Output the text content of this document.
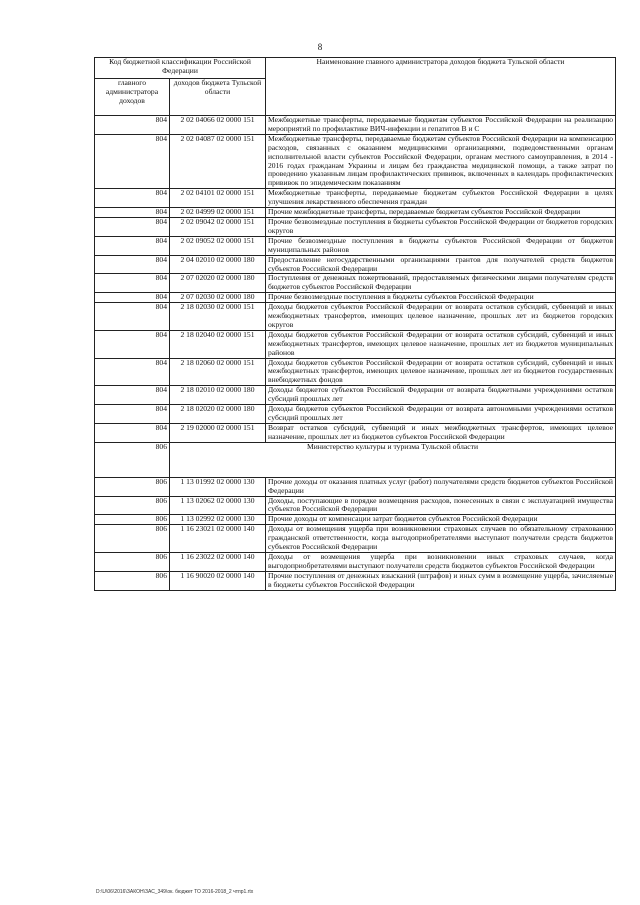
8
Код бюджетной классификации Российской Федерации		Наименование главного администратора доходов бюджета Тульской области
главного администратора доходов	доходов бюджета Тульской области	
804	2 02 04066 02 0000 151	Межбюджетные трансферты, передаваемые бюджетам субъектов Российской Федерации на реализацию мероприятий по профилактике ВИЧ-инфекции и гепатитов B и C
804	2 02 04087 02 0000 151	Межбюджетные трансферты, передаваемые бюджетам субъектов Российской Федерации на компенсацию расходов, связанных с оказанием медицинскими организациями, подведомственными органам исполнительной власти субъектов Российской Федерации, органам местного самоуправления, в 2014 - 2016 годах гражданам Украины и лицам без гражданства медицинской помощи, а также затрат по проведению указанным лицам профилактических прививок, включенных в календарь профилактических прививок по эпидемическим показаниям
804	2 02 04101 02 0000 151	Межбюджетные трансферты, передаваемые бюджетам субъектов Российской Федерации в целях улучшения лекарственного обеспечения граждан
804	2 02 04999 02 0000 151	Прочие межбюджетные трансферты, передаваемые бюджетам субъектов Российской Федерации
804	2 02 09042 02 0000 151	Прочие безвозмездные поступления в бюджеты субъектов Российской Федерации от бюджетов городских округов
804	2 02 09052 02 0000 151	Прочие безвозмездные поступления в бюджеты субъектов Российской Федерации от бюджетов муниципальных районов
804	2 04 02010 02 0000 180	Предоставление негосударственными организациями грантов для получателей средств бюджетов субъектов Российской Федерации
804	2 07 02020 02 0000 180	Поступления от денежных пожертвований, предоставляемых физическими лицами получателям средств бюджетов субъектов Российской Федерации
804	2 07 02030 02 0000 180	Прочие безвозмездные поступления в бюджеты субъектов Российской Федерации
804	2 18 02030 02 0000 151	Доходы бюджетов субъектов Российской Федерации от возврата остатков субсидий, субвенций и иных межбюджетных трансфертов, имеющих целевое назначение, прошлых лет из бюджетов городских округов
804	2 18 02040 02 0000 151	Доходы бюджетов субъектов Российской Федерации от возврата остатков субсидий, субвенций и иных межбюджетных трансфертов, имеющих целевое назначение, прошлых лет из бюджетов муниципальных районов
804	2 18 02060 02 0000 151	Доходы бюджетов субъектов Российской Федерации от возврата остатков субсидий, субвенций и иных межбюджетных трансфертов, имеющих целевое назначение, прошлых лет из бюджетов государственных внебюджетных фондов
804	2 18 02010 02 0000 180	Доходы бюджетов субъектов Российской Федерации от возврата бюджетными учреждениями остатков субсидий прошлых лет
804	2 18 02020 02 0000 180	Доходы бюджетов субъектов Российской Федерации от возврата автономными учреждениями остатков субсидий прошлых лет
804	2 19 02000 02 0000 151	Возврат остатков субсидий, субвенций и иных межбюджетных трансфертов, имеющих целевое назначение, прошлых лет из бюджетов субъектов Российской Федерации
806	Министерство культуры и туризма Тульской области	
806	1 13 01992 02 0000 130	Прочие доходы от оказания платных услуг (работ) получателями средств бюджетов субъектов Российской Федерации
806	1 13 02062 02 0000 130	Доходы, поступающие в порядке возмещения расходов, понесенных в связи с эксплуатацией имущества субъектов Российской Федерации
806	1 13 02992 02 0000 130	Прочие доходы от компенсации затрат бюджетов субъектов Российской Федерации
806	1 16 23021 02 0000 140	Доходы от возмещения ущерба при возникновении страховых случаев по обязательному страхованию гражданской ответственности, когда выгодоприобретателями выступают получатели средств бюджетов субъектов Российской Федерации
806	1 16 23022 02 0000 140	Доходы от возмещения ущерба при возникновении иных страховых случаев, когда выгодоприобретателями выступают получатели средств бюджетов субъектов Российской Федерации
806	1 16 90020 02 0000 140	Прочие поступления от денежных взысканий (штрафов) и иных сумм в возмещение ущерба, зачисляемые в бюджеты субъектов Российской Федерации
D:\U\06\2016\ЗАКОН\ЗАС_349\ок. бюджет ТО 2016-2018_2 чтпр1.rtx
